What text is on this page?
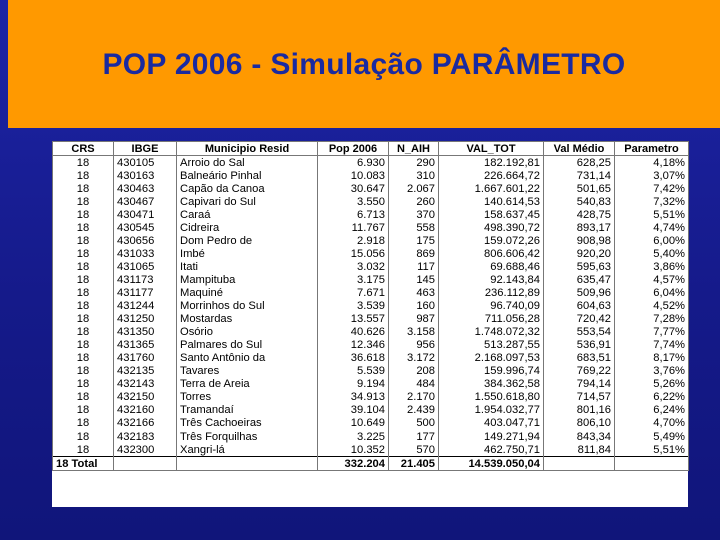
POP 2006 - Simulação PARÂMETRO
CRS	IBGE	Municipio Resid	Pop 2006	N_AIH	VAL_TOT	Val Médio	Parametro
18	430105	Arroio do Sal	6.930	290	182.192,81	628,25	4,18%
18	430163	Balneário Pinhal	10.083	310	226.664,72	731,14	3,07%
18	430463	Capão da Canoa	30.647	2.067	1.667.601,22	501,65	7,42%
18	430467	Capivari do Sul	3.550	260	140.614,53	540,83	7,32%
18	430471	Caraá	6.713	370	158.637,45	428,75	5,51%
18	430545	Cidreira	11.767	558	498.390,72	893,17	4,74%
18	430656	Dom Pedro de	2.918	175	159.072,26	908,98	6,00%
18	431033	Imbé	15.056	869	806.606,42	920,20	5,40%
18	431065	Itati	3.032	117	69.688,46	595,63	3,86%
18	431173	Mampituba	3.175	145	92.143,84	635,47	4,57%
18	431177	Maquiné	7.671	463	236.112,89	509,96	6,04%
18	431244	Morrinhos do Sul	3.539	160	96.740,09	604,63	4,52%
18	431250	Mostardas	13.557	987	711.056,28	720,42	7,28%
18	431350	Osório	40.626	3.158	1.748.072,32	553,54	7,77%
18	431365	Palmares do Sul	12.346	956	513.287,55	536,91	7,74%
18	431760	Santo Antônio da	36.618	3.172	2.168.097,53	683,51	8,17%
18	432135	Tavares	5.539	208	159.996,74	769,22	3,76%
18	432143	Terra de Areia	9.194	484	384.362,58	794,14	5,26%
18	432150	Torres	34.913	2.170	1.550.618,80	714,57	6,22%
18	432160	Tramandaí	39.104	2.439	1.954.032,77	801,16	6,24%
18	432166	Três Cachoeiras	10.649	500	403.047,71	806,10	4,70%
18	432183	Três Forquilhas	3.225	177	149.271,94	843,34	5,49%
18	432300	Xangri-lá	10.352	570	462.750,71	811,84	5,51%
18 Total			332.204	21.405	14.539.050,04		
